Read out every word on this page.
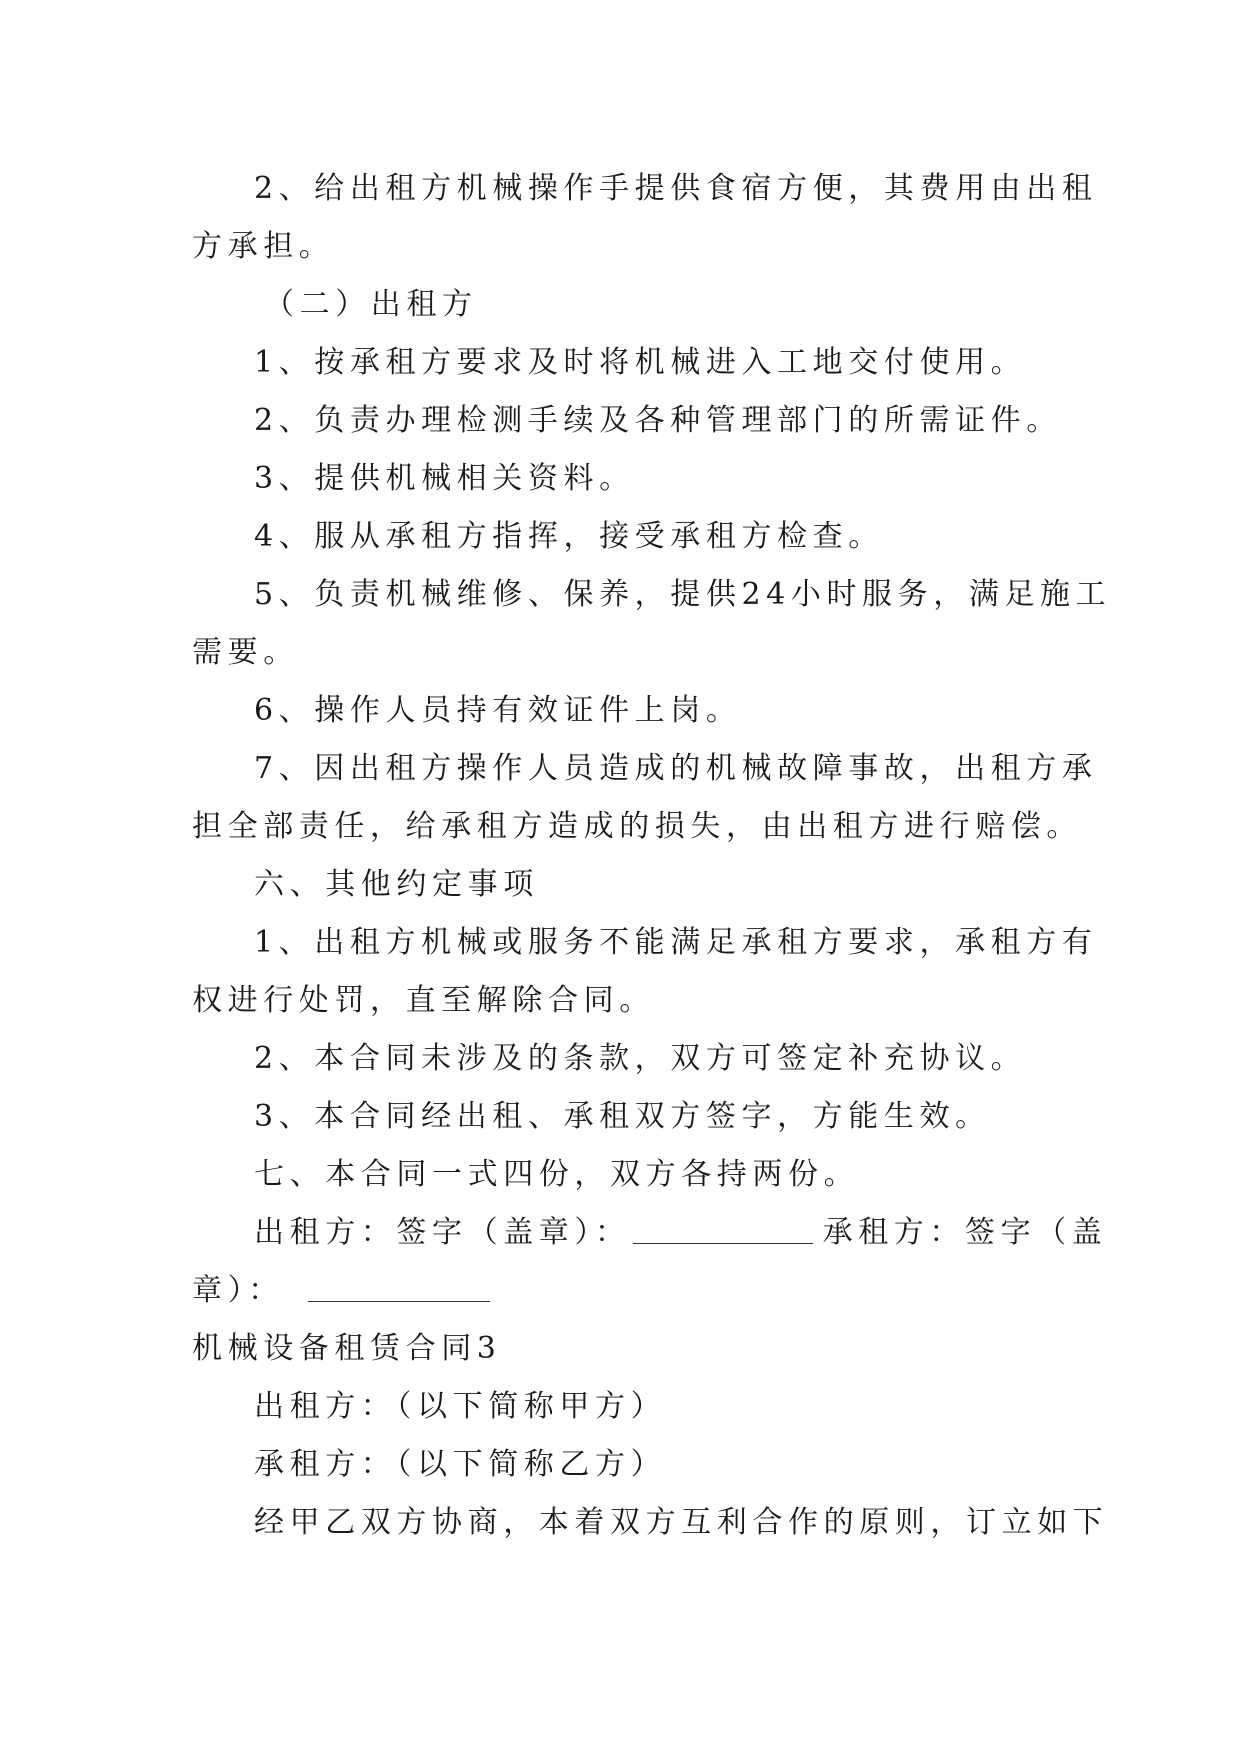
2、给出租方机械操作手提供食宿方便，其费用由出租
方承担。
（二）出租方
1、按承租方要求及时将机械进入工地交付使用。
2、负责办理检测手续及各种管理部门的所需证件。
3、提供机械相关资料。
4、服从承租方指挥，接受承租方检查。
5、负责机械维修、保养，提供24小时服务，满足施工
需要。
6、操作人员持有效证件上岗。
7、因出租方操作人员造成的机械故障事故，出租方承
担全部责任，给承租方造成的损失，由出租方进行赔偿。
六、其他约定事项
1、出租方机械或服务不能满足承租方要求，承租方有
权进行处罚，直至解除合同。
2、本合同未涉及的条款，双方可签定补充协议。
3、本合同经出租、承租双方签字，方能生效。
七、本合同一式四份，双方各持两份。
出租方：签字（盖章）：	承租方：签字（盖
章）：
机械设备租赁合同3
出租方：（以下简称甲方）
承租方：（以下简称乙方）
经甲乙双方协商，本着双方互利合作的原则，订立如下
